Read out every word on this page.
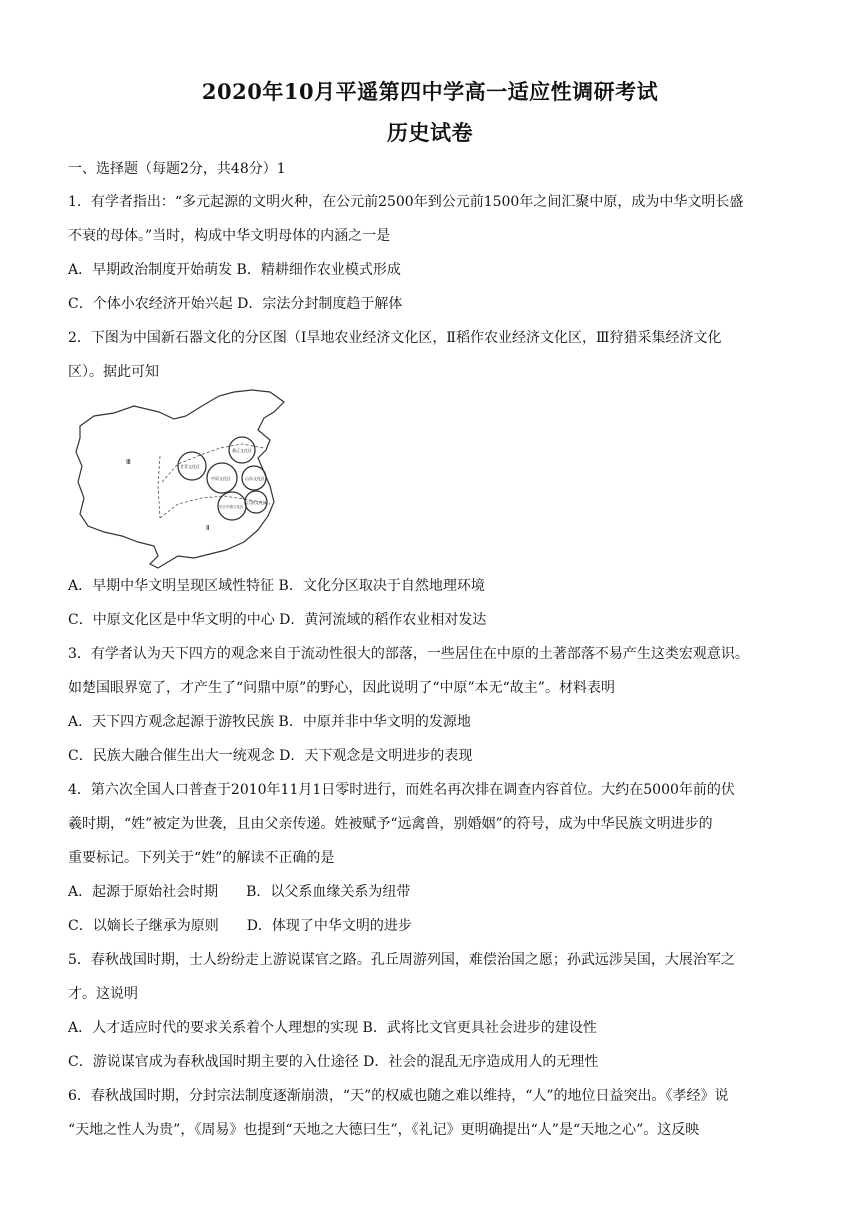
2020年10月平遥第四中学高一适应性调研考试
历史试卷
一、选择题（每题2分，共48分）1
1．有学者指出：“多元起源的文明火种，在公元前2500年到公元前1500年之间汇聚中原，成为中华文明长盛
不衰的母体。”当时，构成中华文明母体的内涵之一是
A．早期政治制度开始萌发 B．精耕细作农业模式形成
C．个体小农经济开始兴起 D．宗法分封制度趋于解体
2．下图为中国新石器文化的分区图（Ⅰ旱地农业经济文化区，Ⅱ稻作农业经济文化区，Ⅲ狩猎采集经济文化
区）。据此可知
Ⅲ
Ⅱ
甘青文化区
中原文化区
燕辽文化区
山东文化区
江浙文化区
长江中游文化区
A．早期中华文明呈现区域性特征 B．文化分区取决于自然地理环境
C．中原文化区是中华文明的中心 D．黄河流域的稻作农业相对发达
3．有学者认为天下四方的观念来自于流动性很大的部落，一些居住在中原的土著部落不易产生这类宏观意识。
如楚国眼界宽了，才产生了“问鼎中原”的野心，因此说明了“中原”本无“故主”。材料表明
A．天下四方观念起源于游牧民族 B．中原并非中华文明的发源地
C．民族大融合催生出大一统观念 D．天下观念是文明进步的表现
4．第六次全国人口普查于2010年11月1日零时进行，而姓名再次排在调查内容首位。大约在5000年前的伏
羲时期，“姓”被定为世袭，且由父亲传递。姓被赋予“远禽兽，别婚姻”的符号，成为中华民族文明进步的
重要标记。下列关于“姓”的解读不正确的是
A．起源于原始社会时期　　B．以父系血缘关系为纽带
C．以嫡长子继承为原则　　D．体现了中华文明的进步
5．春秋战国时期，士人纷纷走上游说谋官之路。孔丘周游列国，难偿治国之愿；孙武远涉吴国，大展治军之
才。这说明
A．人才适应时代的要求关系着个人理想的实现 B．武将比文官更具社会进步的建设性
C．游说谋官成为春秋战国时期主要的入仕途径 D．社会的混乱无序造成用人的无理性
6．春秋战国时期，分封宗法制度逐渐崩溃，“天”的权威也随之难以维持，“人”的地位日益突出。《孝经》说
“天地之性人为贵”，《周易》也提到“天地之大德曰生”，《礼记》更明确提出“人”是“天地之心”。这反映
